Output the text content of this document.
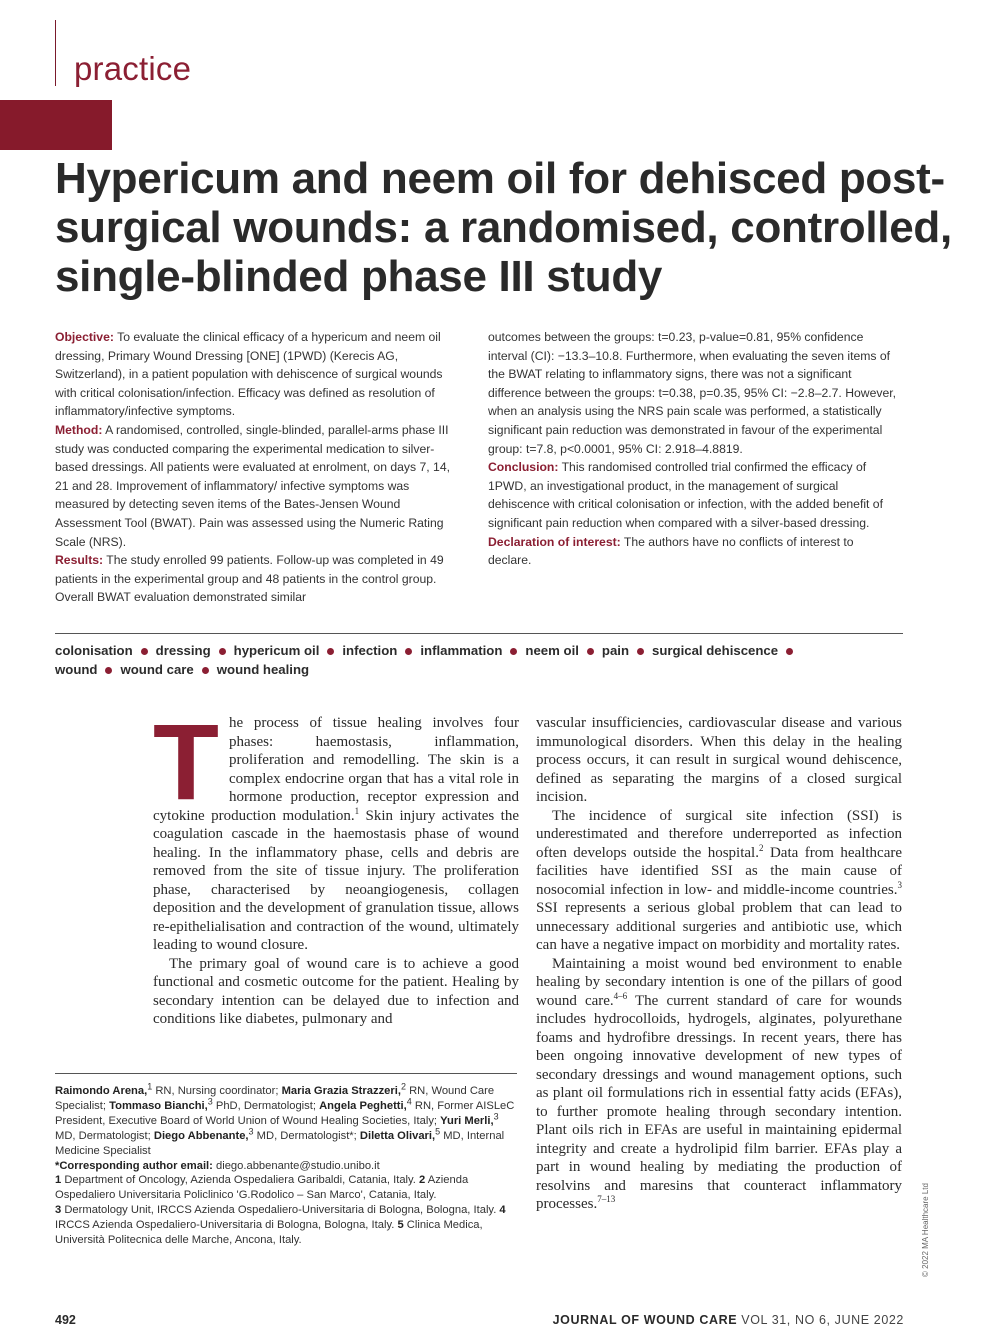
practice
Hypericum and neem oil for dehisced post-surgical wounds: a randomised, controlled, single-blinded phase III study

Objective: To evaluate the clinical efficacy of a hypericum and neem oil dressing, Primary Wound Dressing [ONE] (1PWD) (Kerecis AG, Switzerland), in a patient population with dehiscence of surgical wounds with critical colonisation/infection. Efficacy was defined as resolution of inflammatory/infective symptoms.

Method: A randomised, controlled, single-blinded, parallel-arms phase III study was conducted comparing the experimental medication to silver-based dressings. All patients were evaluated at enrolment, on days 7, 14, 21 and 28. Improvement of inflammatory/ infective symptoms was measured by detecting seven items of the Bates-Jensen Wound Assessment Tool (BWAT). Pain was assessed using the Numeric Rating Scale (NRS).

Results: The study enrolled 99 patients. Follow-up was completed in 49 patients in the experimental group and 48 patients in the control group. Overall BWAT evaluation demonstrated similar

outcomes between the groups: t=0.23, p-value=0.81, 95% confidence interval (CI): −13.3–10.8. Furthermore, when evaluating the seven items of the BWAT relating to inflammatory signs, there was not a significant difference between the groups: t=0.38, p=0.35, 95% CI: −2.8–2.7. However, when an analysis using the NRS pain scale was performed, a statistically significant pain reduction was demonstrated in favour of the experimental group: t=7.8, p<0.0001, 95% CI: 2.918–4.8819.

Conclusion: This randomised controlled trial confirmed the efficacy of 1PWD, an investigational product, in the management of surgical dehiscence with critical colonisation or infection, with the added benefit of significant pain reduction when compared with a silver-based dressing.

Declaration of interest: The authors have no conflicts of interest to declare.

colonisation dressing hypericum oil infection inflammation neem oil pain surgical dehiscence
wound wound care wound healing

The process of tissue healing involves four phases: haemostasis, inflammation, proliferation and remodelling. The skin is a complex endocrine organ that has a vital role in hormone production, receptor expression and cytokine production modulation.$^1$ Skin injury activates the coagulation cascade in the haemostasis phase of wound healing. In the inflammatory phase, cells and debris are removed from the site of tissue injury. The proliferation phase, characterised by neoangiogenesis, collagen deposition and the development of granulation tissue, allows re-epithelialisation and contraction of the wound, ultimately leading to wound closure.

The primary goal of wound care is to achieve a good functional and cosmetic outcome for the patient. Healing by secondary intention can be delayed due to infection and conditions like diabetes, pulmonary and

vascular insufficiencies, cardiovascular disease and various immunological disorders. When this delay in the healing process occurs, it can result in surgical wound dehiscence, defined as separating the margins of a closed surgical incision.

The incidence of surgical site infection (SSI) is underestimated and therefore underreported as infection often develops outside the hospital.$^2$ Data from healthcare facilities have identified SSI as the main cause of nosocomial infection in low- and middle-income countries.$^3$ SSI represents a serious global problem that can lead to unnecessary additional surgeries and antibiotic use, which can have a negative impact on morbidity and mortality rates.

Maintaining a moist wound bed environment to enable healing by secondary intention is one of the pillars of good wound care.$^{4-6}$ The current standard of care for wounds includes hydrocolloids, hydrogels, alginates, polyurethane foams and hydrofibre dressings. In recent years, there has been ongoing innovative development of new types of secondary dressings and wound management options, such as plant oil formulations rich in essential fatty acids (EFAs), to further promote healing through secondary intention. Plant oils rich in EFAs are useful in maintaining epidermal integrity and create a hydrolipid film barrier. EFAs play a part in wound healing by mediating the production of resolvins and maresins that counteract inflammatory processes.$^{7-13}$

Raimondo Arena,$^1$ RN, Nursing coordinator; Maria Grazia Strazzeri,$^2$ RN, Wound Care Specialist; Tommaso Bianchi,$^3$ PhD, Dermatologist; Angela Peghetti,$^4$ RN, Former AISLeC President, Executive Board of World Union of Wound Healing Societies, Italy; Yuri Merli,$^3$ MD, Dermatologist; Diego Abbenante,$^3$ MD, Dermatologist*; Diletta Olivari,$^5$ MD, Internal Medicine Specialist

*Corresponding author email: diego.abbenante@studio.unibo.it

1 Department of Oncology, Azienda Ospedaliera Garibaldi, Catania, Italy. 2 Azienda Ospedaliero Universitaria Policlinico 'G.Rodolico – San Marco', Catania, Italy.
3 Dermatology Unit, IRCCS Azienda Ospedaliero-Universitaria di Bologna, Bologna, Italy. 4 IRCCS Azienda Ospedaliero-Universitaria di Bologna, Bologna, Italy. 5 Clinica Medica, Università Politecnica delle Marche, Ancona, Italy.	© 2022 MA Healthcare Ltd
492	JOURNAL OF WOUND CARE VOL 31, NO 6, JUNE 2022
